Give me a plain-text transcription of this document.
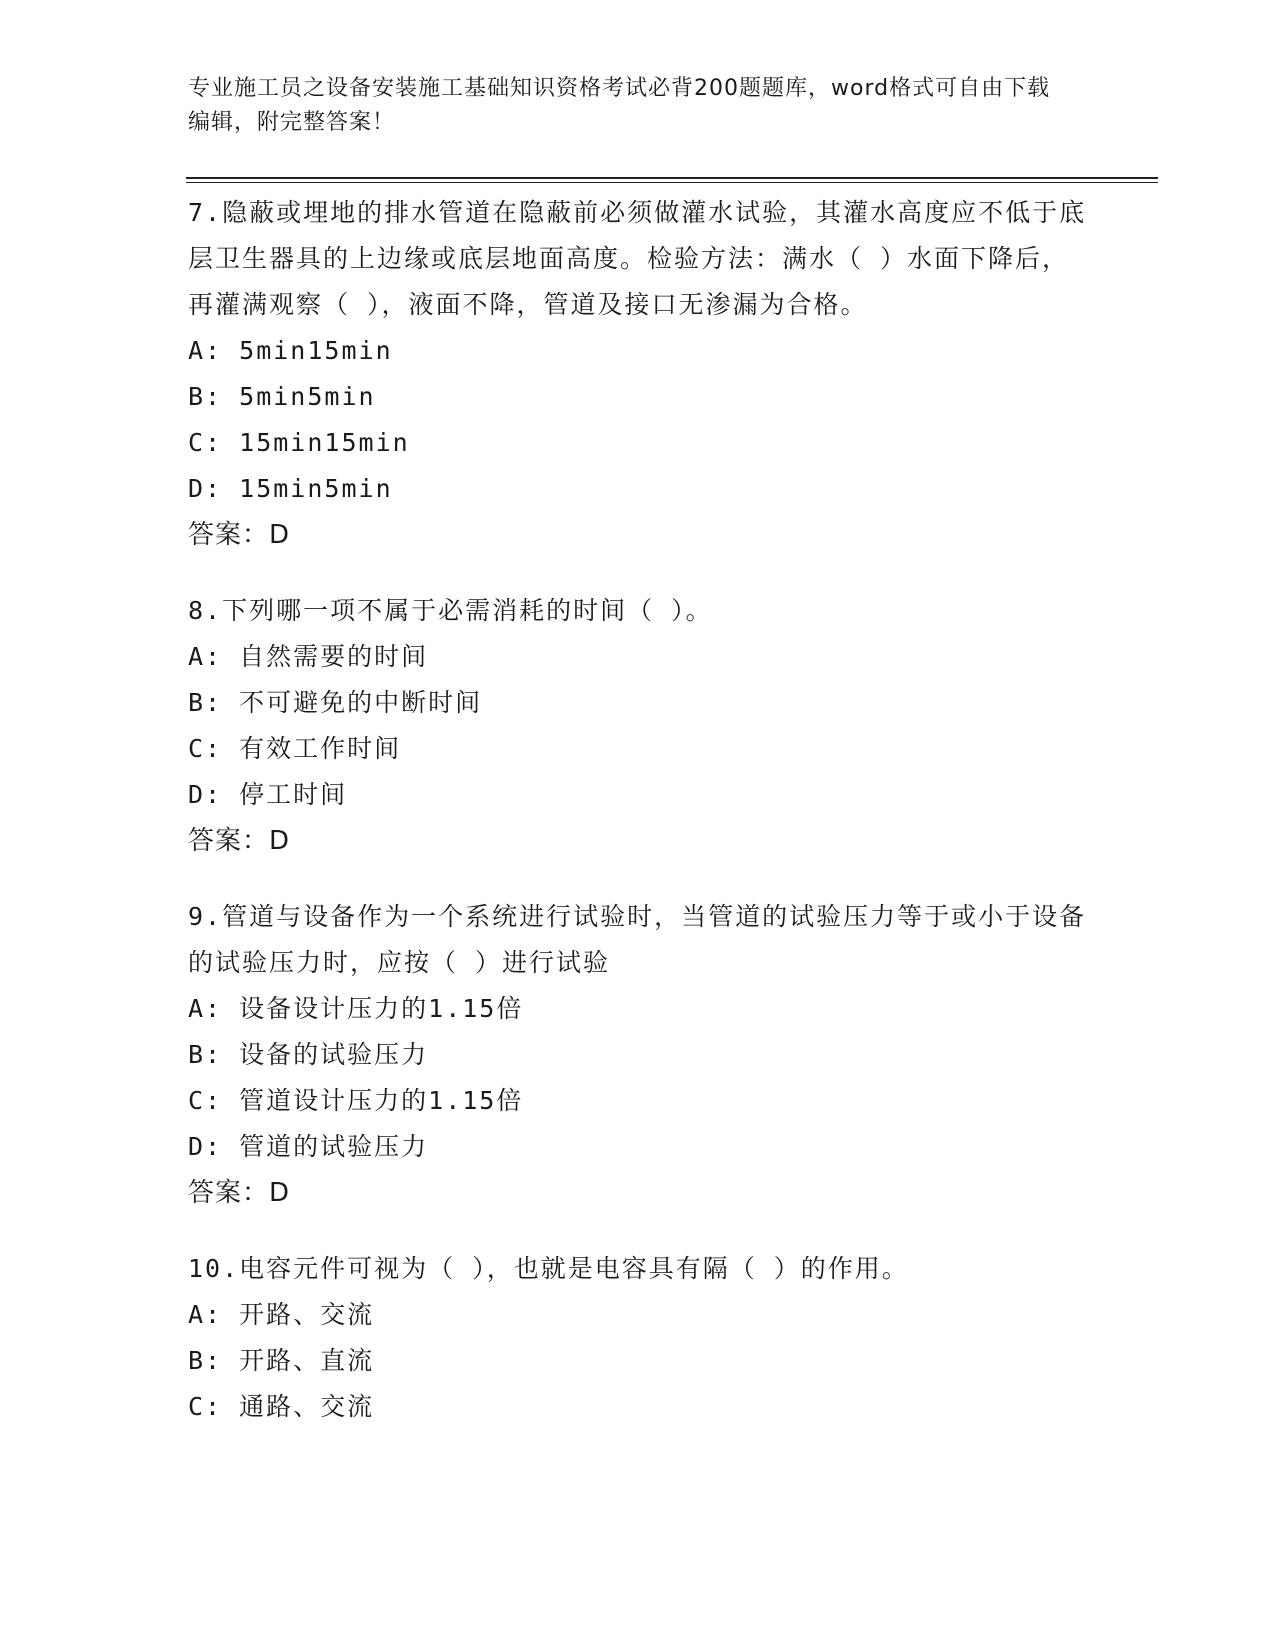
专业施工员之设备安装施工基础知识资格考试必背200题题库，word格式可自由下载编辑，附完整答案！

7.隐蔽或埋地的排水管道在隐蔽前必须做灌水试验，其灌水高度应不低于底层卫生器具的上边缘或底层地面高度。检验方法：满水（ ）水面下降后，再灌满观察（ ），液面不降，管道及接口无渗漏为合格。

A: 5min15min
B: 5min5min
C: 15min15min
D: 15min5min
答案：D

8.下列哪一项不属于必需消耗的时间（ ）。

A: 自然需要的时间
B: 不可避免的中断时间
C: 有效工作时间
D: 停工时间
答案：D

9.管道与设备作为一个系统进行试验时，当管道的试验压力等于或小于设备的试验压力时，应按（ ）进行试验

A: 设备设计压力的1.15倍
B: 设备的试验压力
C: 管道设计压力的1.15倍
D: 管道的试验压力
答案：D

10.电容元件可视为（ ），也就是电容具有隔（ ）的作用。

A: 开路、交流
B: 开路、直流
C: 通路、交流
